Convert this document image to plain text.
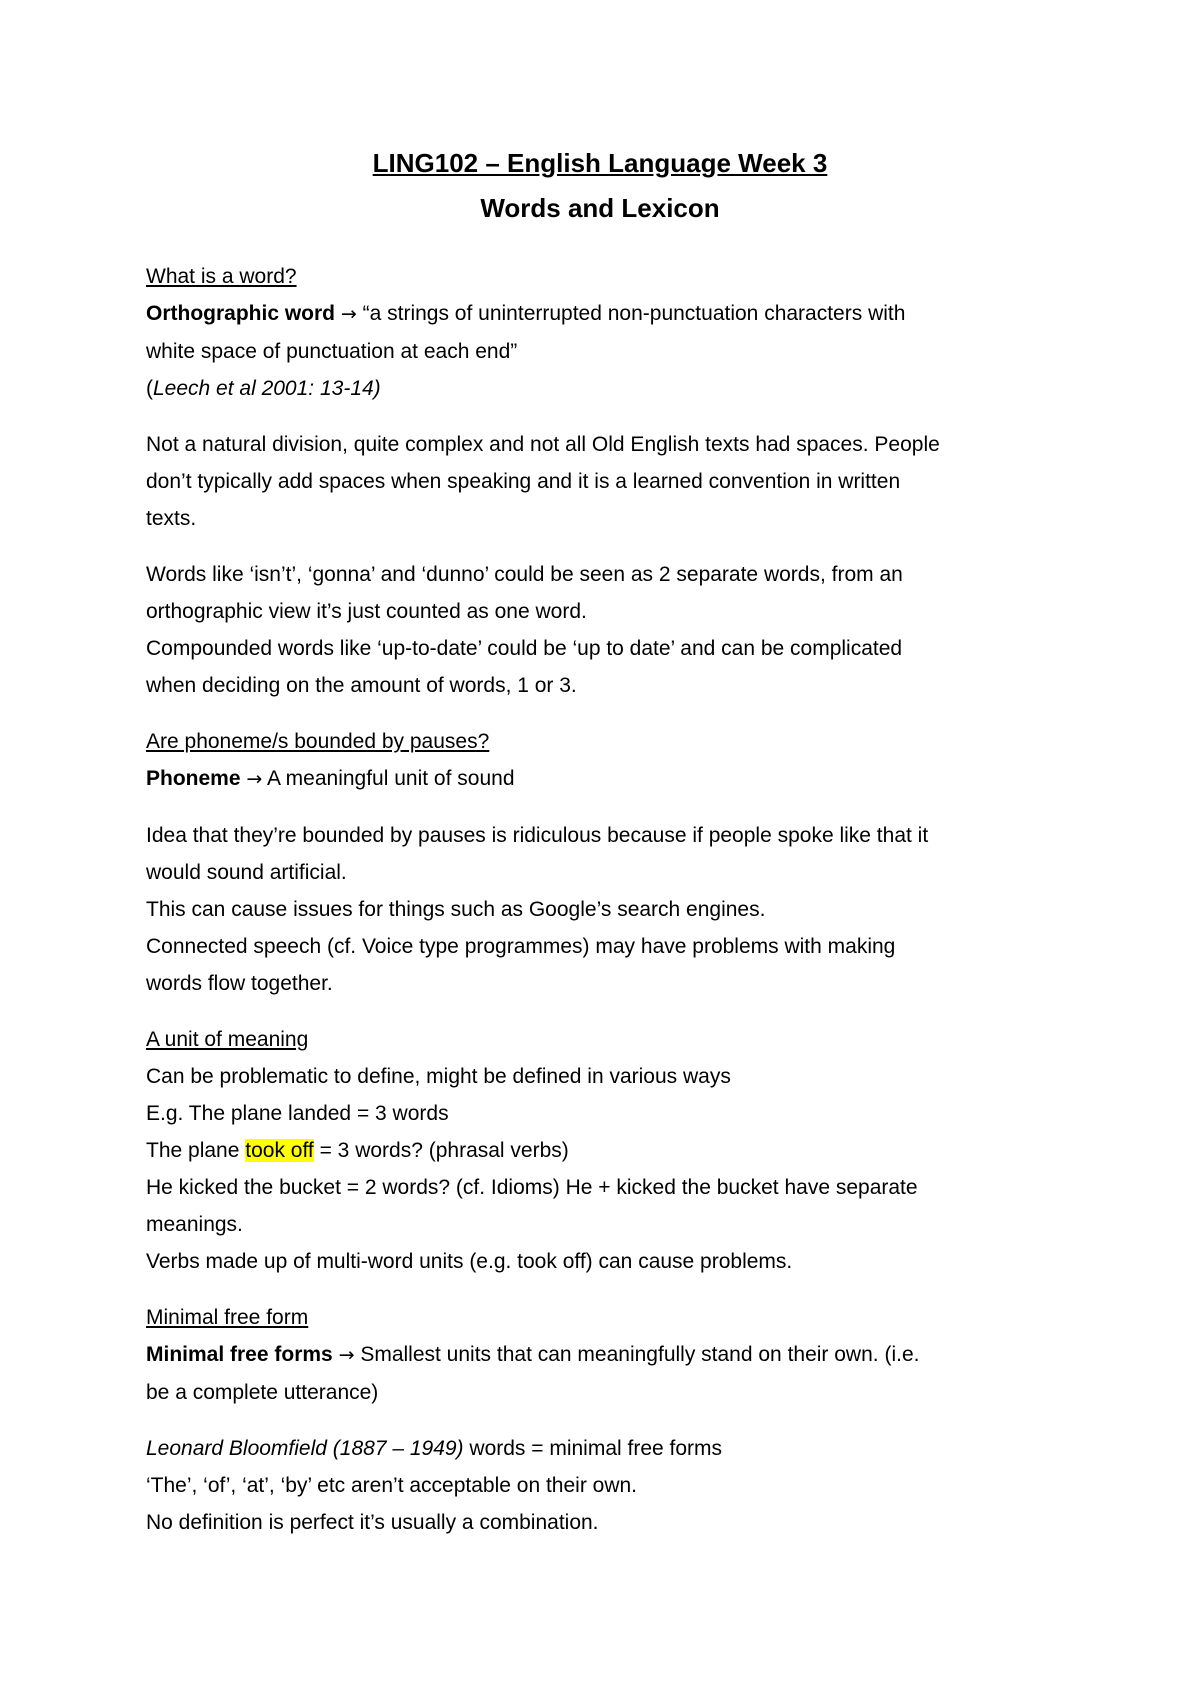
LING102 – English Language Week 3
Words and Lexicon
What is a word?
Orthographic word → “a strings of uninterrupted non-punctuation characters with
white space of punctuation at each end”
(Leech et al 2001: 13-14)
Not a natural division, quite complex and not all Old English texts had spaces. People
don’t typically add spaces when speaking and it is a learned convention in written
texts.
Words like ‘isn’t’, ‘gonna’ and ‘dunno’ could be seen as 2 separate words, from an
orthographic view it’s just counted as one word.
Compounded words like ‘up-to-date’ could be ‘up to date’ and can be complicated
when deciding on the amount of words, 1 or 3.
Are phoneme/s bounded by pauses?
Phoneme → A meaningful unit of sound
Idea that they’re bounded by pauses is ridiculous because if people spoke like that it
would sound artificial.
This can cause issues for things such as Google’s search engines.
Connected speech (cf. Voice type programmes) may have problems with making
words flow together.
A unit of meaning
Can be problematic to define, might be defined in various ways
E.g. The plane landed = 3 words
The plane took off = 3 words? (phrasal verbs)
He kicked the bucket = 2 words? (cf. Idioms) He + kicked the bucket have separate
meanings.
Verbs made up of multi-word units (e.g. took off) can cause problems.
Minimal free form
Minimal free forms → Smallest units that can meaningfully stand on their own. (i.e.
be a complete utterance)
Leonard Bloomfield (1887 – 1949) words = minimal free forms
‘The’, ‘of’, ‘at’, ‘by’ etc aren’t acceptable on their own.
No definition is perfect it’s usually a combination.
